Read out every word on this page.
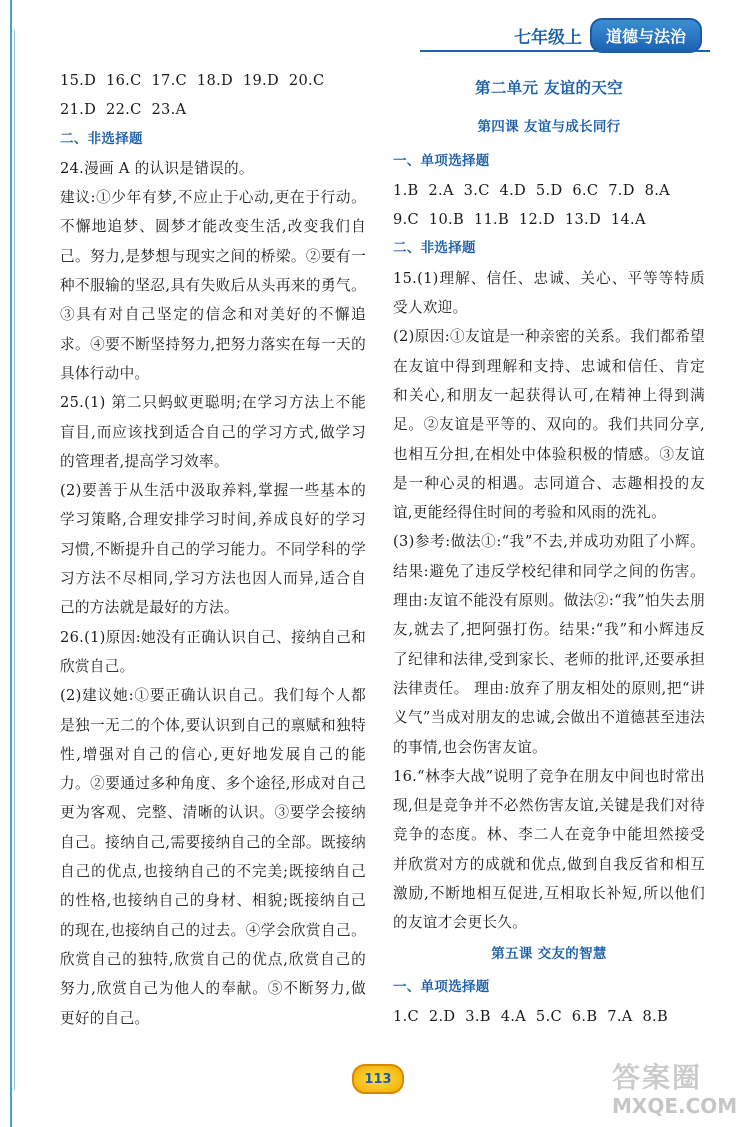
七年级上	道德与法治

15.D  16.C  17.C  18.D  19.D  20.C

21.D  22.C  23.A

二、非选择题

24.漫画 A 的认识是错误的。

建议:①少年有梦,不应止于心动,更在于行动。不懈地追梦、圆梦才能改变生活,改变我们自己。努力,是梦想与现实之间的桥梁。②要有一种不服输的坚忍,具有失败后从头再来的勇气。③具有对自己坚定的信念和对美好的不懈追求。④要不断坚持努力,把努力落实在每一天的具体行动中。

25.(1) 第二只蚂蚁更聪明;在学习方法上不能盲目,而应该找到适合自己的学习方式,做学习的管理者,提高学习效率。

(2)要善于从生活中汲取养料,掌握一些基本的学习策略,合理安排学习时间,养成良好的学习习惯,不断提升自己的学习能力。不同学科的学习方法不尽相同,学习方法也因人而异,适合自己的方法就是最好的方法。

26.(1)原因:她没有正确认识自己、接纳自己和欣赏自己。

(2)建议她:①要正确认识自己。我们每个人都是独一无二的个体,要认识到自己的禀赋和独特性,增强对自己的信心,更好地发展自己的能力。②要通过多种角度、多个途径,形成对自己更为客观、完整、清晰的认识。③要学会接纳自己。接纳自己,需要接纳自己的全部。既接纳自己的优点,也接纳自己的不完美;既接纳自己的性格,也接纳自己的身材、相貌;既接纳自己的现在,也接纳自己的过去。④学会欣赏自己。欣赏自己的独特,欣赏自己的优点,欣赏自己的努力,欣赏自己为他人的奉献。⑤不断努力,做更好的自己。

第二单元 友谊的天空

第四课 友谊与成长同行

一、单项选择题

1.B  2.A  3.C  4.D  5.D  6.C  7.D  8.A

9.C  10.B  11.B  12.D  13.D  14.A

二、非选择题

15.(1)理解、信任、忠诚、关心、平等等特质受人欢迎。

(2)原因:①友谊是一种亲密的关系。我们都希望在友谊中得到理解和支持、忠诚和信任、肯定和关心,和朋友一起获得认可,在精神上得到满足。②友谊是平等的、双向的。我们共同分享,也相互分担,在相处中体验积极的情感。③友谊是一种心灵的相遇。志同道合、志趣相投的友谊,更能经得住时间的考验和风雨的洗礼。

(3)参考:做法①:“我”不去,并成功劝阻了小辉。结果:避免了违反学校纪律和同学之间的伤害。理由:友谊不能没有原则。做法②:“我”怕失去朋友,就去了,把阿强打伤。结果:“我”和小辉违反了纪律和法律,受到家长、老师的批评,还要承担法律责任。 理由:放弃了朋友相处的原则,把“讲义气”当成对朋友的忠诚,会做出不道德甚至违法的事情,也会伤害友谊。

16.“林李大战”说明了竞争在朋友中间也时常出现,但是竞争并不必然伤害友谊,关键是我们对待竞争的态度。林、李二人在竞争中能坦然接受并欣赏对方的成就和优点,做到自我反省和相互激励,不断地相互促进,互相取长补短,所以他们的友谊才会更长久。

第五课 交友的智慧

一、单项选择题

1.C  2.D  3.B  4.A  5.C  6.B  7.A  8.B

113	答案圈
MXQE.COM
